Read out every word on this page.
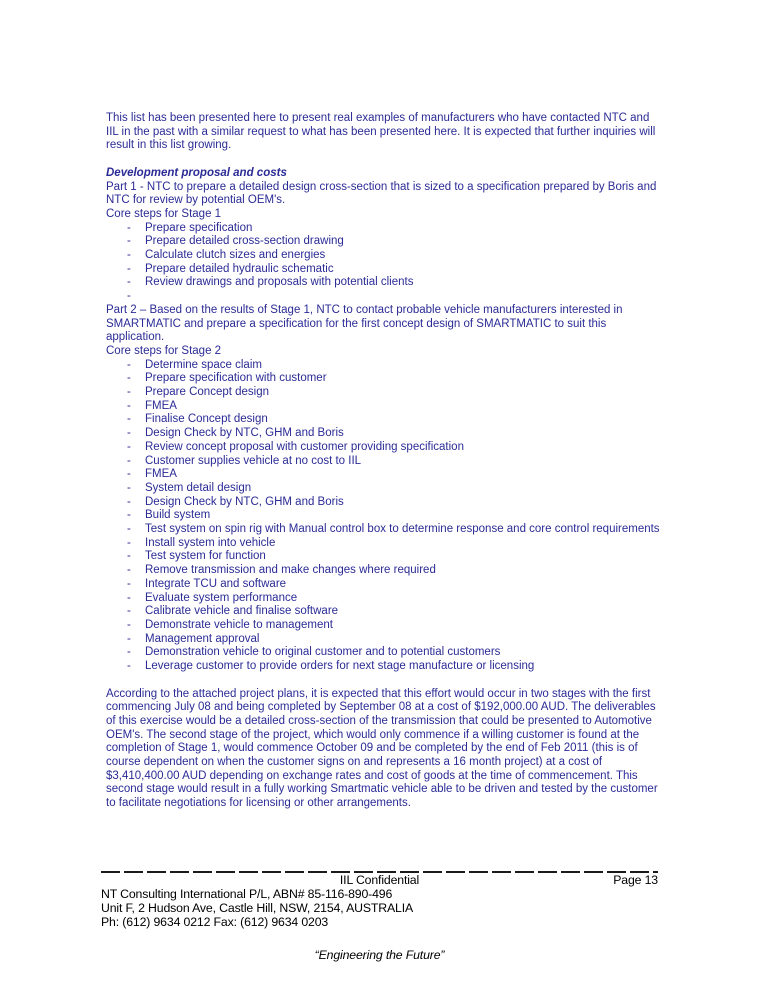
This list has been presented here to present real examples of manufacturers who have contacted NTC and IIL in the past with a similar request to what has been presented here. It is expected that further inquiries will result in this list growing.

Development proposal and costs

Part 1 - NTC to prepare a detailed design cross-section that is sized to a specification prepared by Boris and NTC for review by potential OEM's.

Core steps for Stage 1

-	Prepare specification
-	Prepare detailed cross-section drawing
-	Calculate clutch sizes and energies
-	Prepare detailed hydraulic schematic
-	Review drawings and proposals with potential clients
-

Part 2 – Based on the results of Stage 1, NTC to contact probable vehicle manufacturers interested in SMARTMATIC and prepare a specification for the first concept design of SMARTMATIC to suit this application.

Core steps for Stage 2

-	Determine space claim
-	Prepare specification with customer
-	Prepare Concept design
-	FMEA
-	Finalise Concept design
-	Design Check by NTC, GHM and Boris
-	Review concept proposal with customer providing specification
-	Customer supplies vehicle at no cost to IIL
-	FMEA
-	System detail design
-	Design Check by NTC, GHM and Boris
-	Build system
-	Test system on spin rig with Manual control box to determine response and core control requirements
-	Install system into vehicle
-	Test system for function
-	Remove transmission and make changes where required
-	Integrate TCU and software
-	Evaluate system performance
-	Calibrate vehicle and finalise software
-	Demonstrate vehicle to management
-	Management approval
-	Demonstration vehicle to original customer and to potential customers
-	Leverage customer to provide orders for next stage manufacture or licensing

According to the attached project plans, it is expected that this effort would occur in two stages with the first commencing July 08 and being completed by September 08 at a cost of $192,000.00 AUD. The deliverables of this exercise would be a detailed cross-section of the transmission that could be presented to Automotive OEM's. The second stage of the project, which would only commence if a willing customer is found at the completion of Stage 1, would commence October 09 and be completed by the end of Feb 2011 (this is of course dependent on when the customer signs on and represents a 16 month project) at a cost of $3,410,400.00 AUD depending on exchange rates and cost of goods at the time of commencement. This second stage would result in a fully working Smartmatic vehicle able to be driven and tested by the customer to facilitate negotiations for licensing or other arrangements.

IIL Confidential	Page 13
NT Consulting International P/L, ABN# 85-116-890-496
Unit F, 2 Hudson Ave, Castle Hill, NSW, 2154, AUSTRALIA
Ph: (612) 9634 0212 Fax: (612) 9634 0203
“Engineering the Future”
